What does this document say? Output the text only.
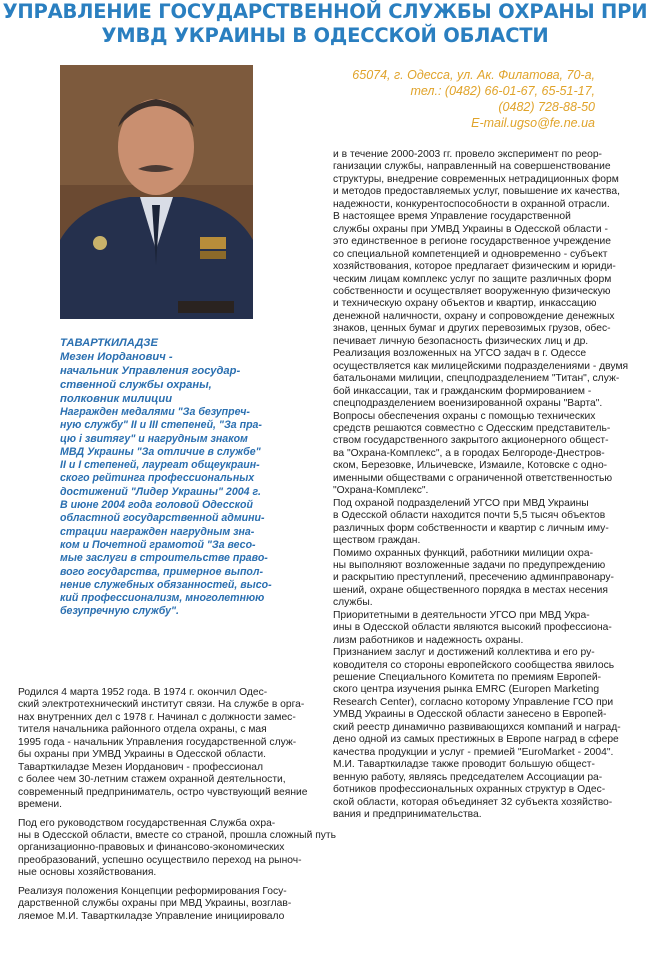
УПРАВЛЕНИЕ ГОСУДАРСТВЕННОЙ СЛУЖБЫ ОХРАНЫ ПРИ
УМВД УКРАИНЫ В ОДЕССКОЙ ОБЛАСТИ
65074, г. Одесса, ул. Ак. Филатова, 70-а,
тел.: (0482) 66-01-67, 65-51-17,
(0482) 728-88-50
E-mail.ugso@fe.ne.ua
ТАВАРТКИЛАДЗЕ
Мезен Иорданович -
начальник Управления государ-
ственной службы охраны,
полковник милиции
Награжден медалями "За безупреч-
ную службу" II и III степеней, "За пра-
цю і звитягу" и нагрудным знаком
МВД Украины "За отличие в службе"
II и I степеней, лауреат общеукраин-
ского рейтинга профессиональных
достижений "Лидер Украины" 2004 г.
В июне 2004 года головой Одесской
областной государственной админи-
страции награжден нагрудным зна-
ком и Почетной грамотой "За весо-
мые заслуги в строительстве право-
вого государства, примерное выпол-
нение служебных обязанностей, высо-
кий профессионализм, многолетнюю
безупречную службу".
Родился 4 марта 1952 года. В 1974 г. окончил Одес-
ский электротехнический институт связи. На службе в орга-
нах внутренних дел с 1978 г. Начинал с должности замес-
тителя начальника районного отдела охраны, с мая
1995 года - начальник Управления государственной служ-
бы охраны при УМВД Украины в Одесской области.
Таварткиладзе Мезен Иорданович - профессионал
с более чем 30-летним стажем охранной деятельности,
современный предприниматель, остро чувствующий веяние
времени.
Под его руководством государственная Служба охра-
ны в Одесской области, вместе со страной, прошла сложный путь
организационно-правовых и финансово-экономических
преобразований, успешно осуществило переход на рыноч-
ные основы хозяйствования.
Реализуя положения Концепции реформирования Госу-
дарственной службы охраны при МВД Украины, возглав-
ляемое М.И. Таварткиладзе Управление инициировало
и в течение 2000-2003 гг. провело эксперимент по реор-
ганизации службы, направленный на совершенствование
структуры, внедрение современных нетрадиционных форм
и методов предоставляемых услуг, повышение их качества,
надежности, конкурентоспособности в охранной отрасли.
В настоящее время Управление государственной
службы охраны при УМВД Украины в Одесской области -
это единственное в регионе государственное учреждение
со специальной компетенцией и одновременно - субъект
хозяйствования, которое предлагает физическим и юриди-
ческим лицам комплекс услуг по защите различных форм
собственности и осуществляет вооруженную физическую
и техническую охрану объектов и квартир, инкассацию
денежной наличности, охрану и сопровождение денежных
знаков, ценных бумаг и других перевозимых грузов, обес-
печивает личную безопасность физических лиц и др.
Реализация возложенных на УГСО задач в г. Одессе
осуществляется как милицейскими подразделениями - двумя
батальонами милиции, спецподразделением "Титан", служ-
бой инкассации, так и гражданским формированием -
спецподразделением военизированной охраны "Варта".
Вопросы обеспечения охраны с помощью технических
средств решаются совместно с Одесским представитель-
ством государственного закрытого акционерного общест-
ва "Охрана-Комплекс", а в городах Белгороде-Днестров-
ском, Березовке, Ильичевске, Измаиле, Котовске с одно-
именными обществами с ограниченной ответственностью
"Охрана-Комплекс".
Под охраной подразделений УГСО при МВД Украины
в Одесской области находится почти 5,5 тысяч объектов
различных форм собственности и квартир с личным иму-
ществом граждан.
Помимо охранных функций, работники милиции охра-
ны выполняют возложенные задачи по предупреждению
и раскрытию преступлений, пресечению админправонару-
шений, охране общественного порядка в местах несения
службы.
Приоритетными в деятельности УГСО при МВД Укра-
ины в Одесской области являются высокий профессиона-
лизм работников и надежность охраны.
Признанием заслуг и достижений коллектива и его ру-
ководителя со стороны европейского сообщества явилось
решение Специального Комитета по премиям Европей-
ского центра изучения рынка EMRC (Europen Marketing
Research Center), согласно которому Управление ГСО при
УМВД Украины в Одесской области занесено в Европей-
ский реестр динамично развивающихся компаний и наград-
дено одной из самых престижных в Европе наград в сфере
качества продукции и услуг - премией "EuroMarket - 2004".
М.И. Таварткиладзе также проводит большую общест-
венную работу, являясь председателем Ассоциации ра-
ботников профессиональных охранных структур в Одес-
ской области, которая объединяет 32 субъекта хозяйство-
вания и предпринимательства.
